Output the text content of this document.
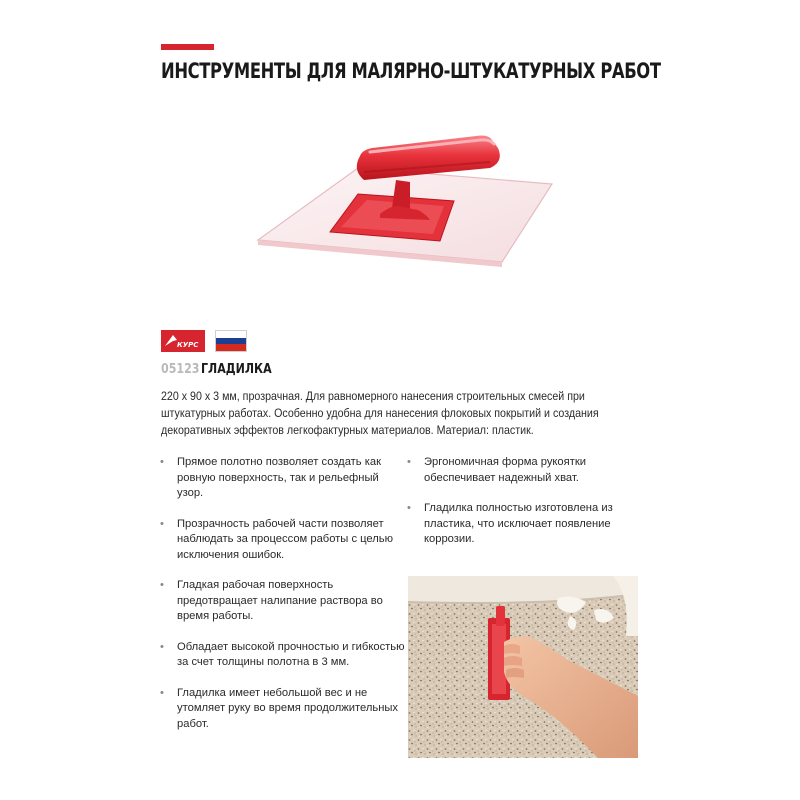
ИНСТРУМЕНТЫ ДЛЯ МАЛЯРНО-ШТУКАТУРНЫХ РАБОТ
КУРС
05123 ГЛАДИЛКА

220 х 90 х 3 мм, прозрачная. Для равномерного нанесения строительных смесей при штукатурных работах. Особенно удобна для нанесения флоковых покрытий и создания декоративных эффектов легкофактурных материалов. Материал: пластик.

• Прямое полотно позволяет создать как ровную поверхность, так и рельефный узор.
• Прозрачность рабочей части позволяет наблюдать за процессом работы с целью исключения ошибок.
• Гладкая рабочая поверхность предотвращает налипание раствора во время работы.
• Обладает высокой прочностью и гибкостью за счет толщины полотна в 3 мм.
• Гладилка имеет небольшой вес и не утомляет руку во время продолжительных работ.
• Эргономичная форма рукоятки обеспечивает надежный хват.
• Гладилка полностью изготовлена из пластика, что исключает появление коррозии.
